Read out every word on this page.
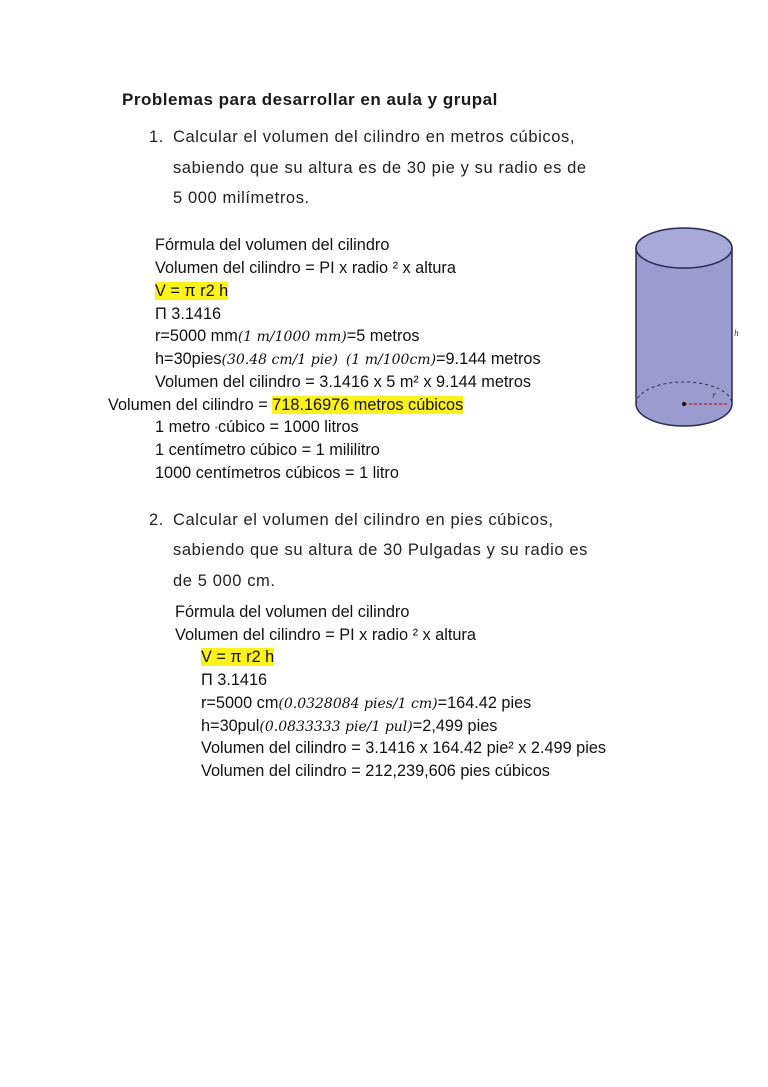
Problemas para desarrollar en aula y grupal
1. Calcular el volumen del cilindro en metros cúbicos,
sabiendo que su altura es de 30 pie y su radio es de
5 000 milímetros.
Fórmula del volumen del cilindro
Volumen del cilindro = PI x radio ² x altura
V = π r2 h
Π 3.1416
r=5000 mm(1 m/1000 mm)=5 metros
h=30pies(30.48 cm/1 pie) (1 m/100cm)=9.144 metros
Volumen del cilindro = 3.1416 x 5 m² x 9.144 metros
Volumen del cilindro = 718.16976 metros cúbicos
1 metro ▪cúbico = 1000 litros
1 centímetro cúbico = 1 mililitro
1000 centímetros cúbicos = 1 litro
r
h
2. Calcular el volumen del cilindro en pies cúbicos,
sabiendo que su altura de 30 Pulgadas y su radio es
de 5 000 cm.
Fórmula del volumen del cilindro
Volumen del cilindro = PI x radio ² x altura
V = π r2 h
Π 3.1416
r=5000 cm(0.0328084 pies/1 cm)=164.42 pies
h=30pul(0.0833333 pie/1 pul)=2,499 pies
Volumen del cilindro = 3.1416 x 164.42 pie² x 2.499 pies
Volumen del cilindro = 212,239,606 pies cúbicos
